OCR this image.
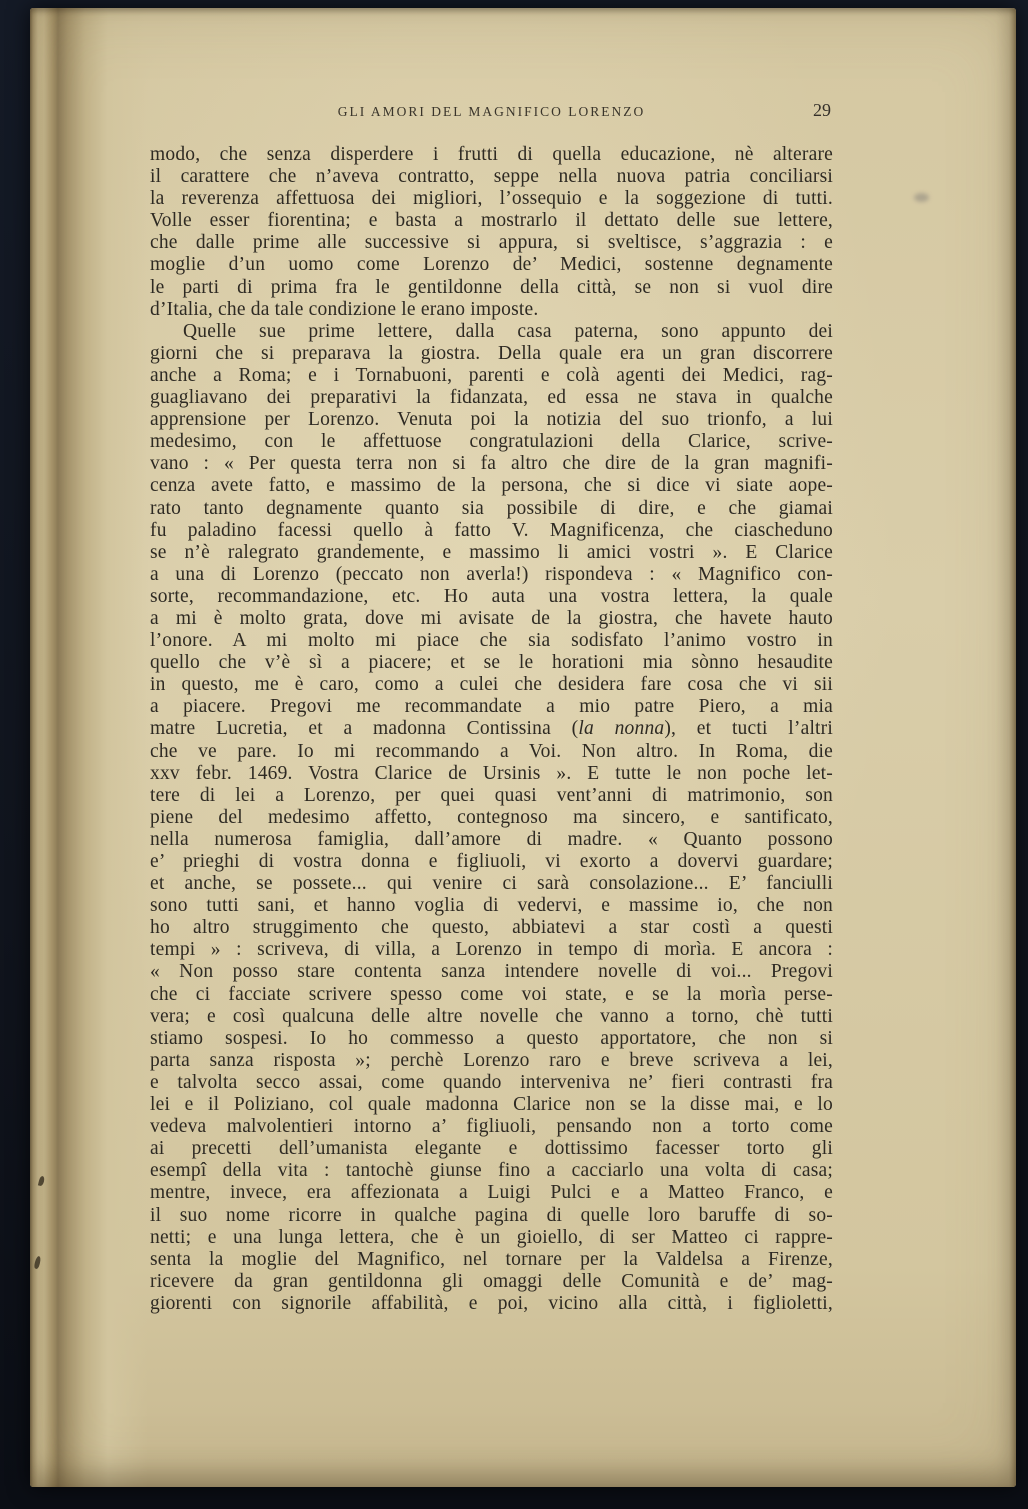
GLI AMORI DEL MAGNIFICO LORENZO	29

modo, che senza disperdere i frutti di quella educazione, nè alterare
il carattere che n’aveva contratto, seppe nella nuova patria conciliarsi
la reverenza affettuosa dei migliori, l’ossequio e la soggezione di tutti.
Volle esser fiorentina; e basta a mostrarlo il dettato delle sue lettere,
che dalle prime alle successive si appura, si sveltisce, s’aggrazia : e
moglie d’un uomo come Lorenzo de’ Medici, sostenne degnamente
le parti di prima fra le gentildonne della città, se non si vuol dire
d’Italia, che da tale condizione le erano imposte.

Quelle sue prime lettere, dalla casa paterna, sono appunto dei
giorni che si preparava la giostra. Della quale era un gran discorrere
anche a Roma; e i Tornabuoni, parenti e colà agenti dei Medici, rag-
guagliavano dei preparativi la fidanzata, ed essa ne stava in qualche
apprensione per Lorenzo. Venuta poi la notizia del suo trionfo, a lui
medesimo, con le affettuose congratulazioni della Clarice, scrive-
vano : « Per questa terra non si fa altro che dire de la gran magnifi-
cenza avete fatto, e massimo de la persona, che si dice vi siate aope-
rato tanto degnamente quanto sia possibile di dire, e che giamai
fu paladino facessi quello à fatto V. Magnificenza, che ciascheduno
se n’è ralegrato grandemente, e massimo li amici vostri ». E Clarice
a una di Lorenzo (peccato non averla!) rispondeva : « Magnifico con-
sorte, recommandazione, etc. Ho auta una vostra lettera, la quale
a mi è molto grata, dove mi avisate de la giostra, che havete hauto
l’onore. A mi molto mi piace che sia sodisfato l’animo vostro in
quello che v’è sì a piacere; et se le horationi mia sònno hesaudite
in questo, me è caro, como a culei che desidera fare cosa che vi sii
a piacere. Pregovi me recommandate a mio patre Piero, a mia
matre Lucretia, et a madonna Contissina (la nonna), et tucti l’altri
che ve pare. Io mi recommando a Voi. Non altro. In Roma, die
xxv febr. 1469. Vostra Clarice de Ursinis ». E tutte le non poche let-
tere di lei a Lorenzo, per quei quasi vent’anni di matrimonio, son
piene del medesimo affetto, contegnoso ma sincero, e santificato,
nella numerosa famiglia, dall’amore di madre. « Quanto possono
e’ prieghi di vostra donna e figliuoli, vi exorto a dovervi guardare;
et anche, se possete... qui venire ci sarà consolazione... E’ fanciulli
sono tutti sani, et hanno voglia di vedervi, e massime io, che non
ho altro struggimento che questo, abbiatevi a star costì a questi
tempi » : scriveva, di villa, a Lorenzo in tempo di morìa. E ancora :
« Non posso stare contenta sanza intendere novelle di voi... Pregovi
che ci facciate scrivere spesso come voi state, e se la morìa perse-
vera; e così qualcuna delle altre novelle che vanno a torno, chè tutti
stiamo sospesi. Io ho commesso a questo apportatore, che non si
parta sanza risposta »; perchè Lorenzo raro e breve scriveva a lei,
e talvolta secco assai, come quando interveniva ne’ fieri contrasti fra
lei e il Poliziano, col quale madonna Clarice non se la disse mai, e lo
vedeva malvolentieri intorno a’ figliuoli, pensando non a torto come
ai precetti dell’umanista elegante e dottissimo facesser torto gli
esempî della vita : tantochè giunse fino a cacciarlo una volta di casa;
mentre, invece, era affezionata a Luigi Pulci e a Matteo Franco, e
il suo nome ricorre in qualche pagina di quelle loro baruffe di so-
netti; e una lunga lettera, che è un gioiello, di ser Matteo ci rappre-
senta la moglie del Magnifico, nel tornare per la Valdelsa a Firenze,
ricevere da gran gentildonna gli omaggi delle Comunità e de’ mag-
giorenti con signorile affabilità, e poi, vicino alla città, i figlioletti,
